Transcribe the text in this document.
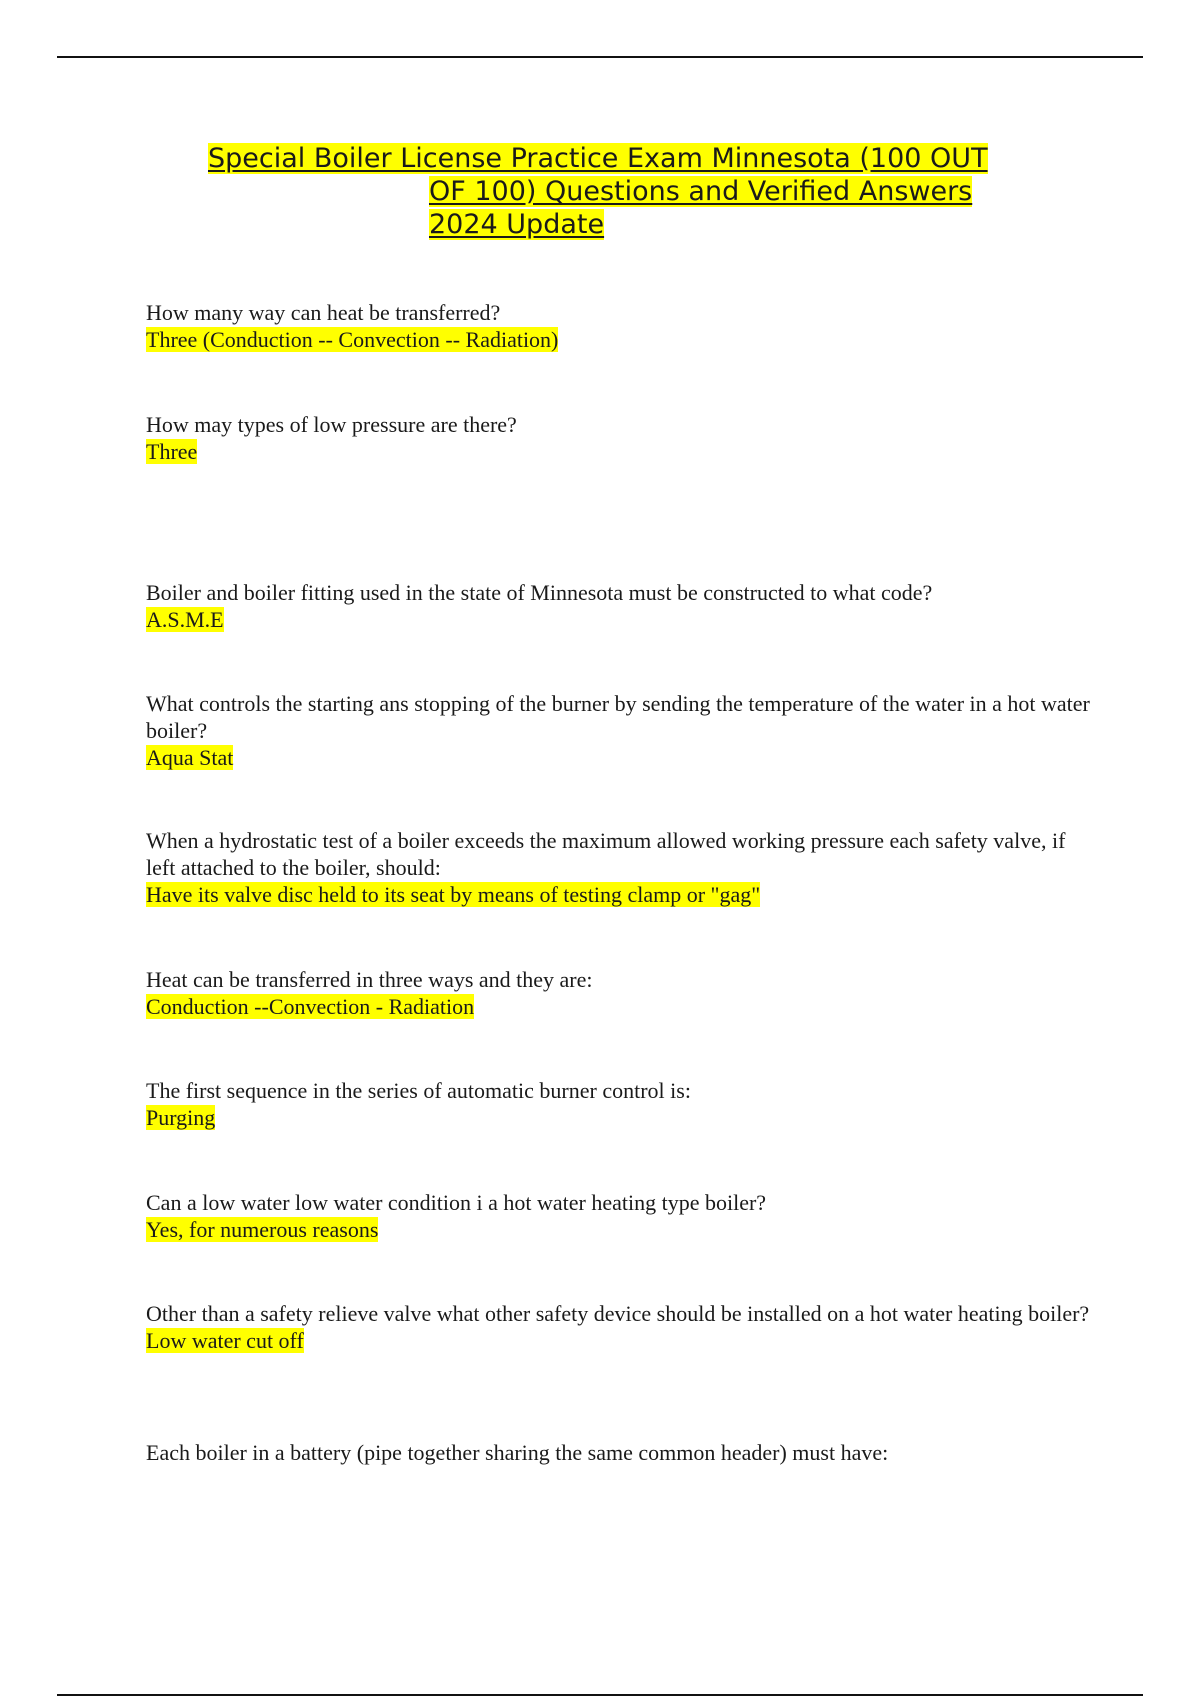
Special Boiler License Practice Exam Minnesota (100 OUT
OF 100) Questions and Verified Answers
2024 Update

How many way can heat be transferred?

Three (Conduction -- Convection -- Radiation)

How may types of low pressure are there?

Three

Boiler and boiler fitting used in the state of Minnesota must be constructed to what code?

A.S.M.E

What controls the starting ans stopping of the burner by sending the temperature of the water in a hot water boiler?

Aqua Stat

When a hydrostatic test of a boiler exceeds the maximum allowed working pressure each safety valve, if left attached to the boiler, should:

Have its valve disc held to its seat by means of testing clamp or "gag"

Heat can be transferred in three ways and they are:

Conduction --Convection - Radiation

The first sequence in the series of automatic burner control is:

Purging

Can a low water low water condition i a hot water heating type boiler?

Yes, for numerous reasons

Other than a safety relieve valve what other safety device should be installed on a hot water heating boiler?

Low water cut off

Each boiler in a battery (pipe together sharing the same common header) must have:
